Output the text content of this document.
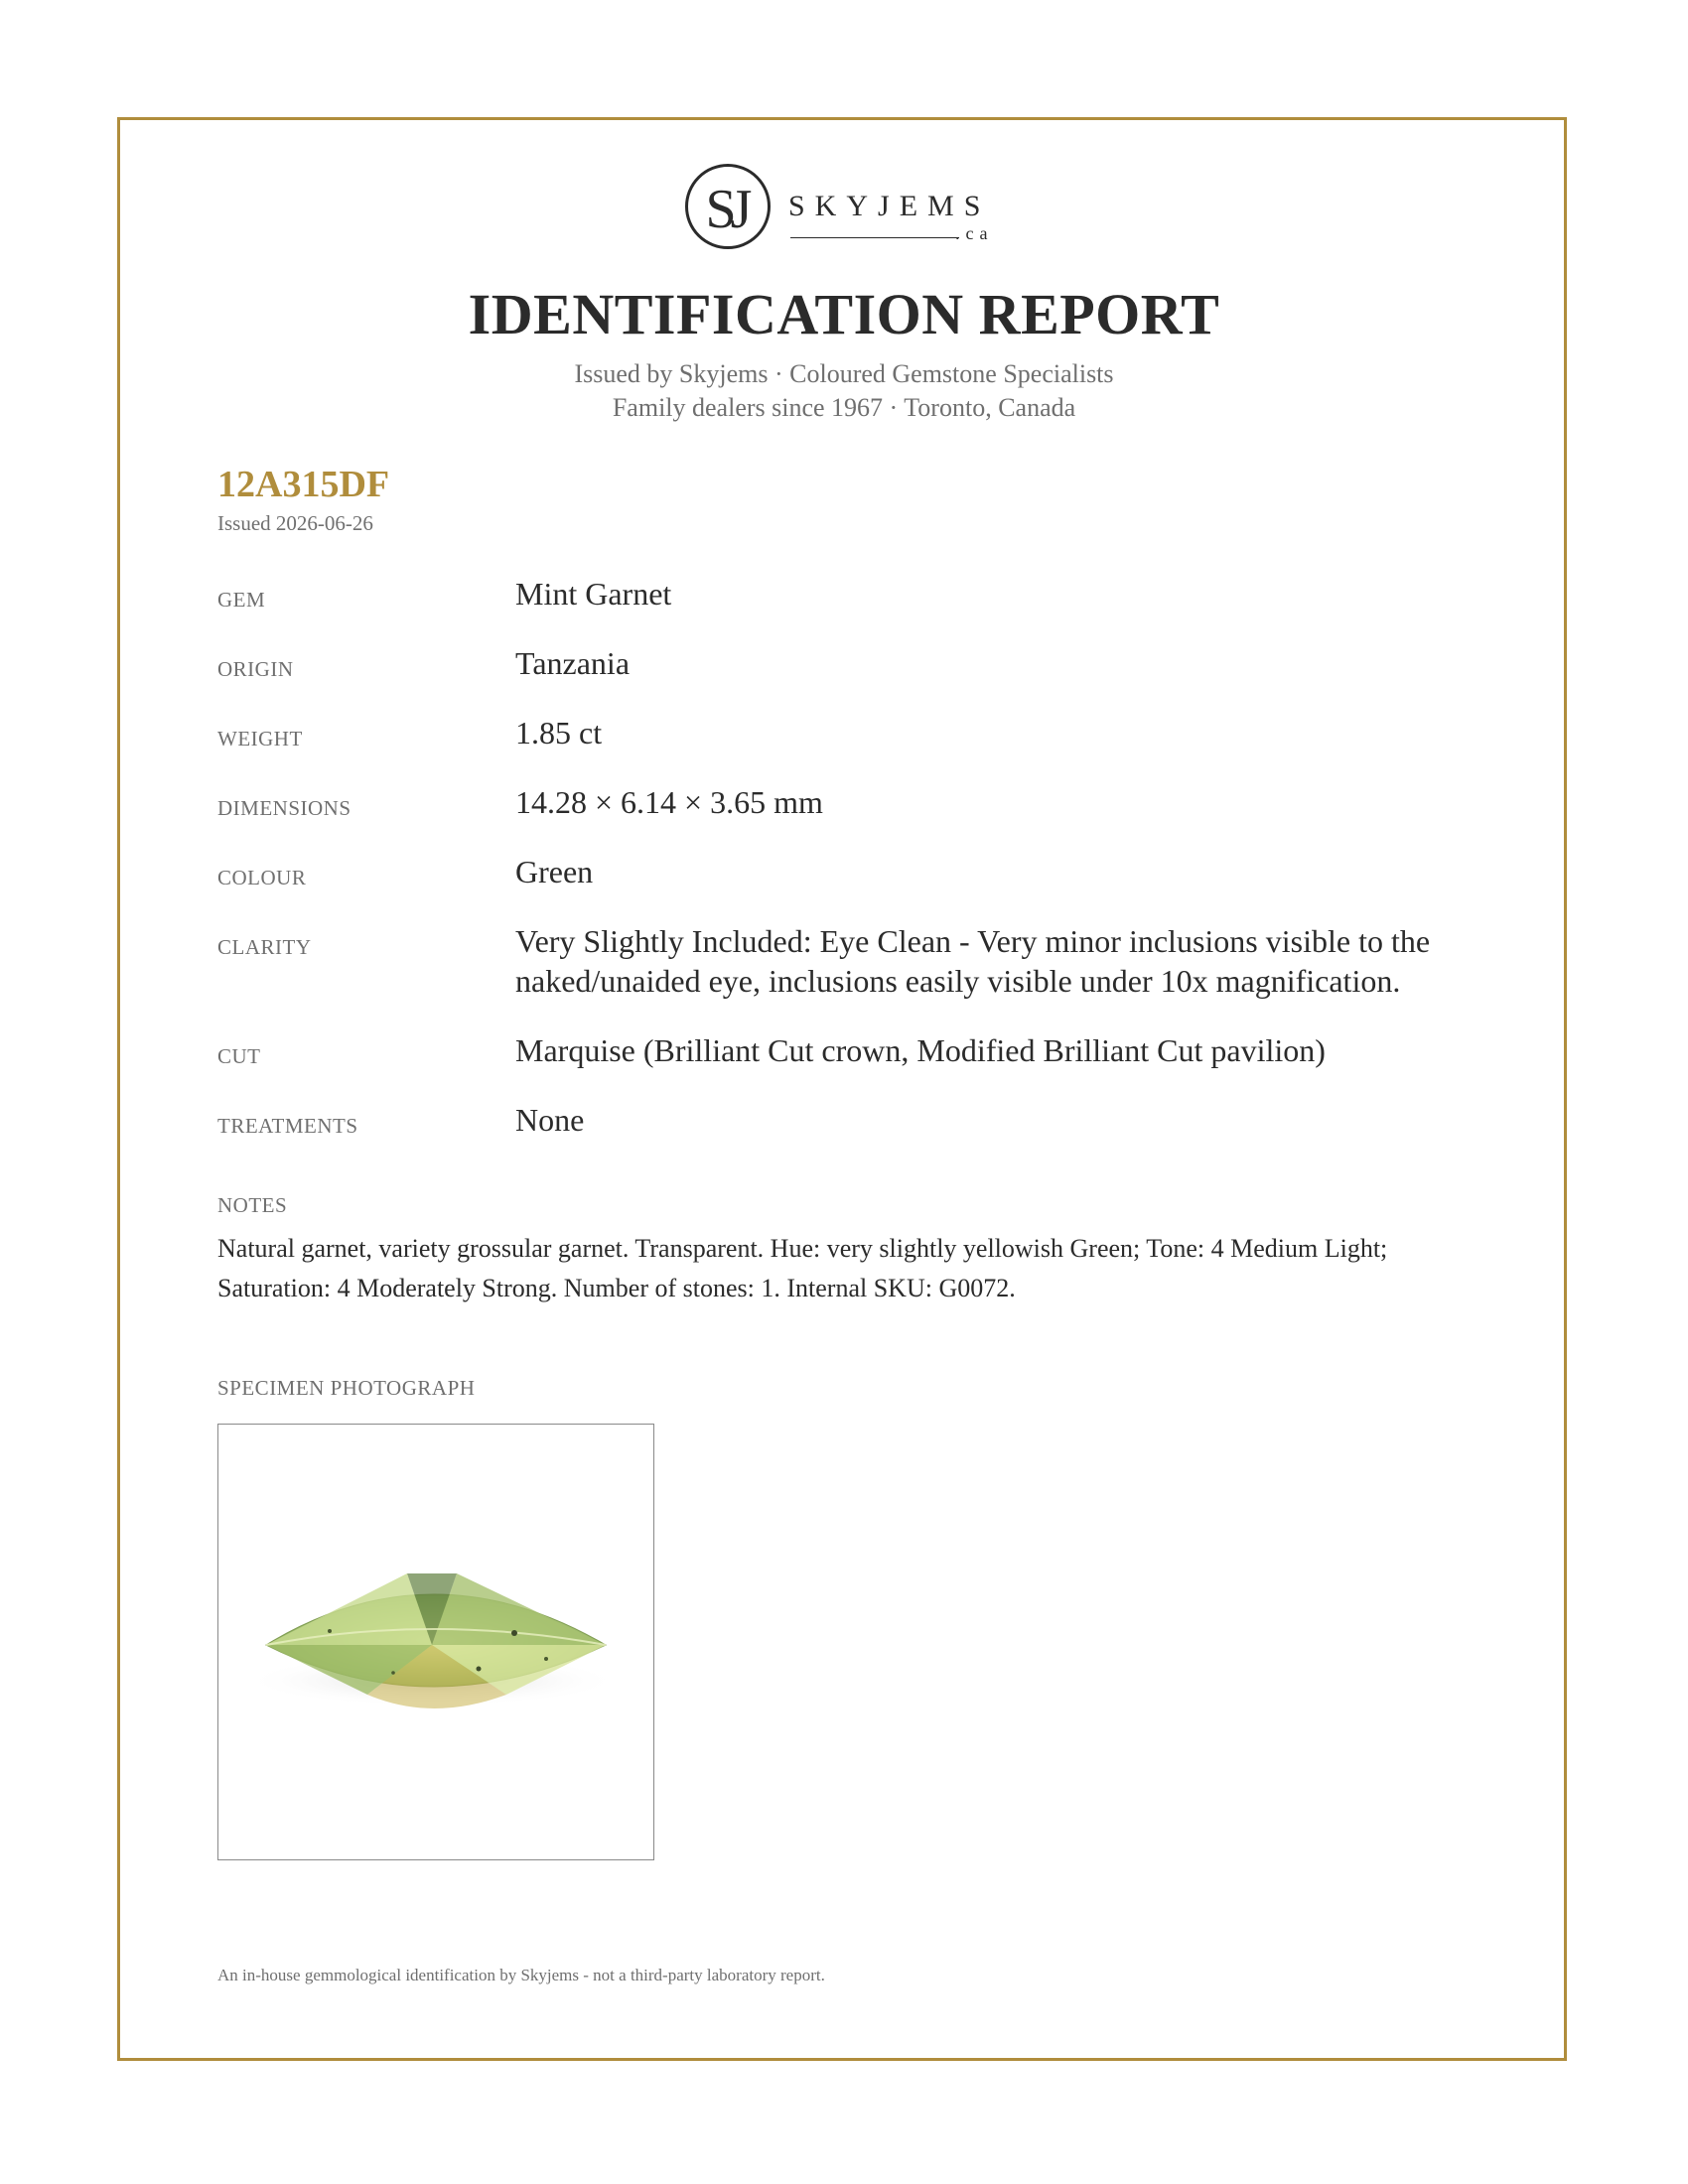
SJ SKYJEMS
.ca
IDENTIFICATION REPORT
Issued by Skyjems · Coloured Gemstone Specialists
Family dealers since 1967 · Toronto, Canada
12A315DF
Issued 2026-06-26
GEM	Mint Garnet
ORIGIN	Tanzania
WEIGHT	1.85 ct
DIMENSIONS	14.28 × 6.14 × 3.65 mm
COLOUR	Green
CLARITY	Very Slightly Included: Eye Clean - Very minor inclusions visible to the naked/unaided eye, inclusions easily visible under 10x magnification.
CUT	Marquise (Brilliant Cut crown, Modified Brilliant Cut pavilion)
TREATMENTS	None
NOTES
Natural garnet, variety grossular garnet. Transparent. Hue: very slightly yellowish Green; Tone: 4 Medium Light; Saturation: 4 Moderately Strong. Number of stones: 1. Internal SKU: G0072.
SPECIMEN PHOTOGRAPH
An in-house gemmological identification by Skyjems - not a third-party laboratory report.
